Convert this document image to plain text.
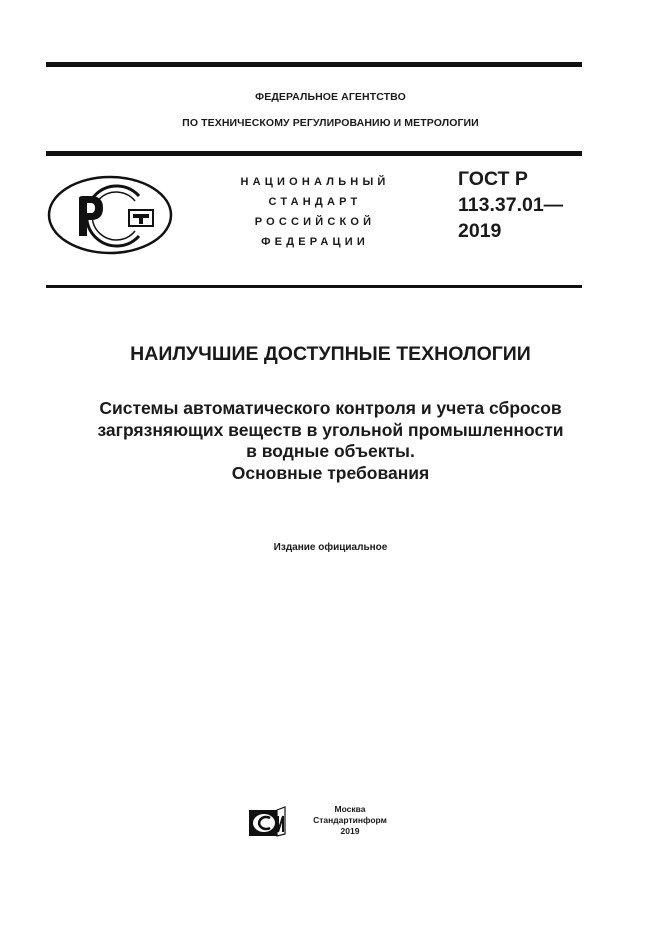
ФЕДЕРАЛЬНОЕ АГЕНТСТВО
ПО ТЕХНИЧЕСКОМУ РЕГУЛИРОВАНИЮ И МЕТРОЛОГИИ
НАЦИОНАЛЬНЫЙ
СТАНДАРТ
РОССИЙСКОЙ
ФЕДЕРАЦИИ
ГОСТ Р
113.37.01—
2019
НАИЛУЧШИЕ ДОСТУПНЫЕ ТЕХНОЛОГИИ
Системы автоматического контроля и учета сбросов
загрязняющих веществ в угольной промышленности
в водные объекты.
Основные требования
Издание официальное
Москва
Стандартинформ
2019
